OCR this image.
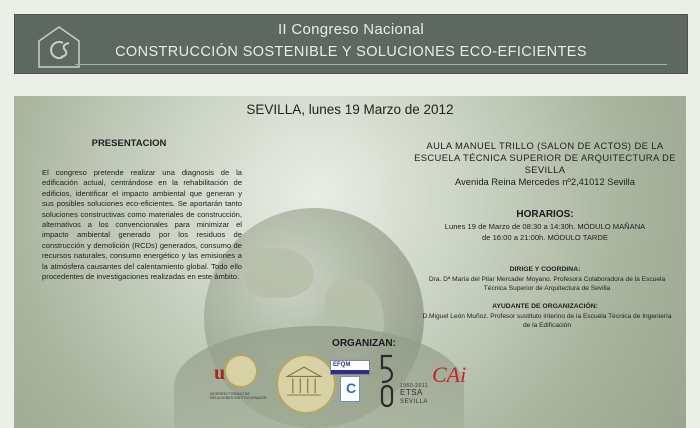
II Congreso Nacional
CONSTRUCCIÓN SOSTENIBLE Y SOLUCIONES ECO-EFICIENTES
SEVILLA, lunes 19 Marzo de 2012
PRESENTACION
El congreso pretende realizar una diagnosis de la edificación actual, centrándose en la rehabilitación de edificios, identificar el impacto ambiental que generan y sus posibles soluciones eco-eficientes. Se aportarán tanto soluciones constructivas como materiales de construcción, alternativos a los convencionales para minimizar el impacto ambiental generado por los residuos de construcción y demolición (RCDs) generados, consumo de recursos naturales, consumo energético y las emisiones a la atmósfera causantes del calentamiento global. Todo ello procedentes de investigaciones realizadas en este ámbito.
AULA MANUEL TRILLO (SALON DE ACTOS) DE LA
ESCUELA TÉCNICA SUPERIOR DE ARQUITECTURA DE
SEVILLA
Avenida Reina Mercedes nº2,41012 Sevilla
HORARIOS:
Lunes 19 de Marzo de 08:30 a 14:30h. MÓDULO MAÑANA
de 16:00 a 21:00h. MÓDULO TARDE
DIRIGE Y COORDINA:
Dra. Dª María del Pilar Mercader Moyano. Profesora Colaboradora de la Escuela Técnica Superior de Arquitectura de Sevilla
AYUDANTE DE ORGANIZACIÓN:
D.Miguel León Muñoz. Profesor sustituto interino de la Escuela Técnica de Ingeniería de la Edificación
ORGANIZAN:
u
VICERRECTORADO DE RELACIONES INSTITUCIONALES
EFQM
C	1960-2011
ETSA
SEVILLA
CAi
